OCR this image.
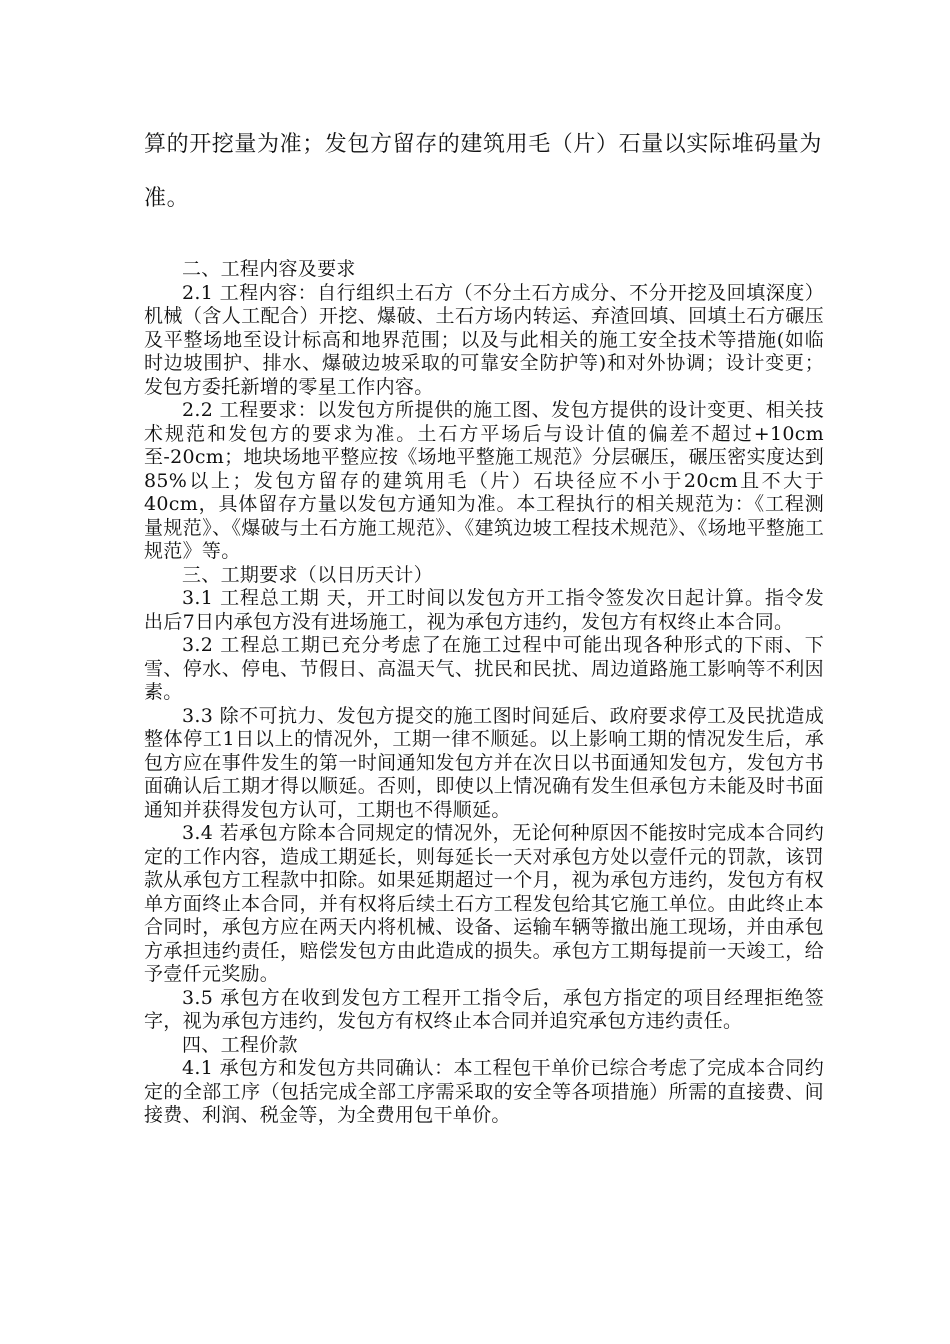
算的开挖量为准；发包方留存的建筑用毛（片）石量以实际堆码量为准。

二、工程内容及要求

2.1 工程内容：自行组织土石方（不分土石方成分、不分开挖及回填深度）机械（含人工配合）开挖、爆破、土石方场内转运、弃渣回填、回填土石方碾压及平整场地至设计标高和地界范围；以及与此相关的施工安全技术等措施(如临时边坡围护、排水、爆破边坡采取的可靠安全防护等)和对外协调；设计变更；发包方委托新增的零星工作内容。

2.2 工程要求：以发包方所提供的施工图、发包方提供的设计变更、相关技术规范和发包方的要求为准。土石方平场后与设计值的偏差不超过+10cm至-20cm；地块场地平整应按《场地平整施工规范》分层碾压，碾压密实度达到85%以上；发包方留存的建筑用毛（片）石块径应不小于20cm且不大于40cm，具体留存方量以发包方通知为准。本工程执行的相关规范为：《工程测量规范》、《爆破与土石方施工规范》、《建筑边坡工程技术规范》、《场地平整施工规范》等。

三、工期要求（以日历天计）

3.1 工程总工期 天，开工时间以发包方开工指令签发次日起计算。指令发出后7日内承包方没有进场施工，视为承包方违约，发包方有权终止本合同。

3.2 工程总工期已充分考虑了在施工过程中可能出现各种形式的下雨、下雪、停水、停电、节假日、高温天气、扰民和民扰、周边道路施工影响等不利因素。

3.3 除不可抗力、发包方提交的施工图时间延后、政府要求停工及民扰造成整体停工1日以上的情况外，工期一律不顺延。以上影响工期的情况发生后，承包方应在事件发生的第一时间通知发包方并在次日以书面通知发包方，发包方书面确认后工期才得以顺延。否则，即使以上情况确有发生但承包方未能及时书面通知并获得发包方认可，工期也不得顺延。

3.4 若承包方除本合同规定的情况外，无论何种原因不能按时完成本合同约定的工作内容，造成工期延长，则每延长一天对承包方处以壹仟元的罚款，该罚款从承包方工程款中扣除。如果延期超过一个月，视为承包方违约，发包方有权单方面终止本合同，并有权将后续土石方工程发包给其它施工单位。由此终止本合同时，承包方应在两天内将机械、设备、运输车辆等撤出施工现场，并由承包方承担违约责任，赔偿发包方由此造成的损失。承包方工期每提前一天竣工，给予壹仟元奖励。

3.5 承包方在收到发包方工程开工指令后，承包方指定的项目经理拒绝签字，视为承包方违约，发包方有权终止本合同并追究承包方违约责任。

四、工程价款

4.1 承包方和发包方共同确认：本工程包干单价已综合考虑了完成本合同约定的全部工序（包括完成全部工序需采取的安全等各项措施）所需的直接费、间接费、利润、税金等，为全费用包干单价。
